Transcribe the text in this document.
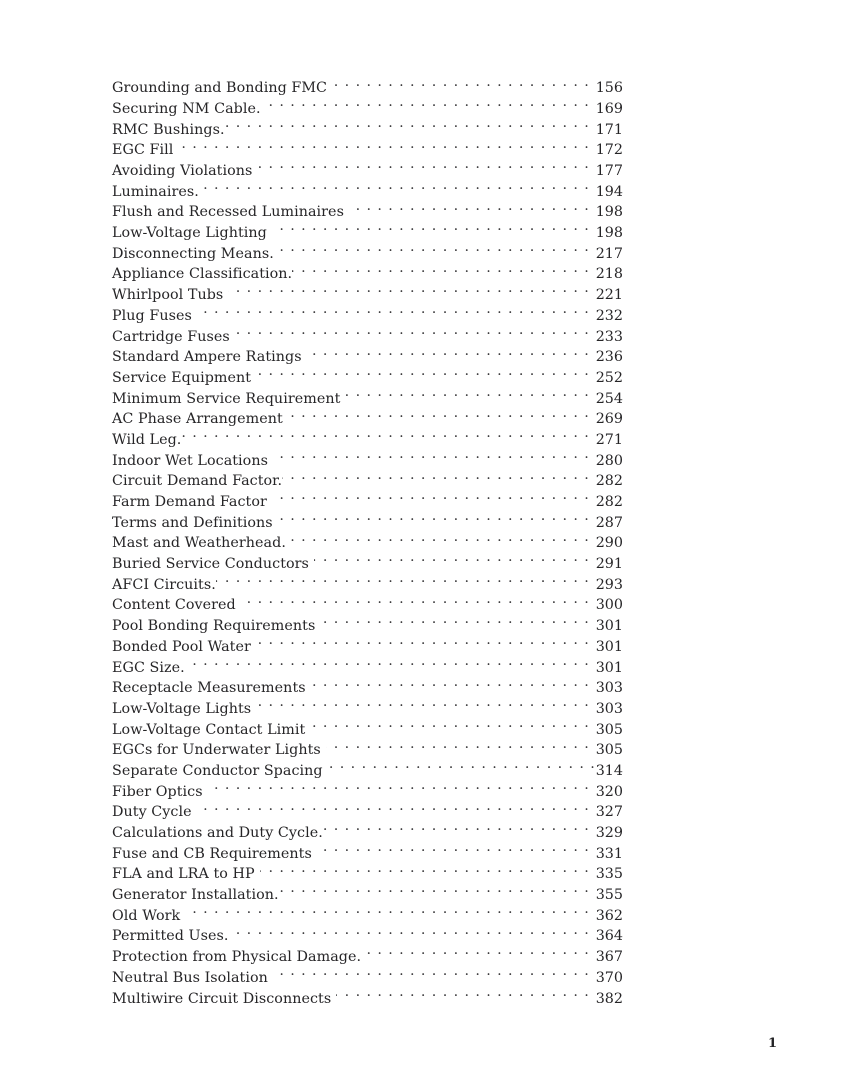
Grounding and Bonding FMC . . .	156
Securing NM Cable. . . .	169
RMC Bushings. . . .	171
EGC Fill . . .	172
Avoiding Violations . . .	177
Luminaires. . . .	194
Flush and Recessed Luminaires . . .	198
Low-Voltage Lighting . . .	198
Disconnecting Means. . . .	217
Appliance Classification. . . .	218
Whirlpool Tubs . . .	221
Plug Fuses . . .	232
Cartridge Fuses . . .	233
Standard Ampere Ratings . . .	236
Service Equipment . . .	252
Minimum Service Requirement . . .	254
AC Phase Arrangement . . .	269
Wild Leg. . . .	271
Indoor Wet Locations . . .	280
Circuit Demand Factor. . . .	282
Farm Demand Factor . . .	282
Terms and Definitions . . .	287
Mast and Weatherhead. . . .	290
Buried Service Conductors . . .	291
AFCI Circuits. . . .	293
Content Covered . . .	300
Pool Bonding Requirements . . .	301
Bonded Pool Water . . .	301
EGC Size. . . .	301
Receptacle Measurements . . .	303
Low-Voltage Lights . . .	303
Low-Voltage Contact Limit . . .	305
EGCs for Underwater Lights . . .	305
Separate Conductor Spacing . . .	314
Fiber Optics . . .	320
Duty Cycle . . .	327
Calculations and Duty Cycle. . . .	329
Fuse and CB Requirements . . .	331
FLA and LRA to HP . . .	335
Generator Installation. . . .	355
Old Work . . .	362
Permitted Uses. . . .	364
Protection from Physical Damage. . . .	367
Neutral Bus Isolation . . .	370
Multiwire Circuit Disconnects . . .	382
1
